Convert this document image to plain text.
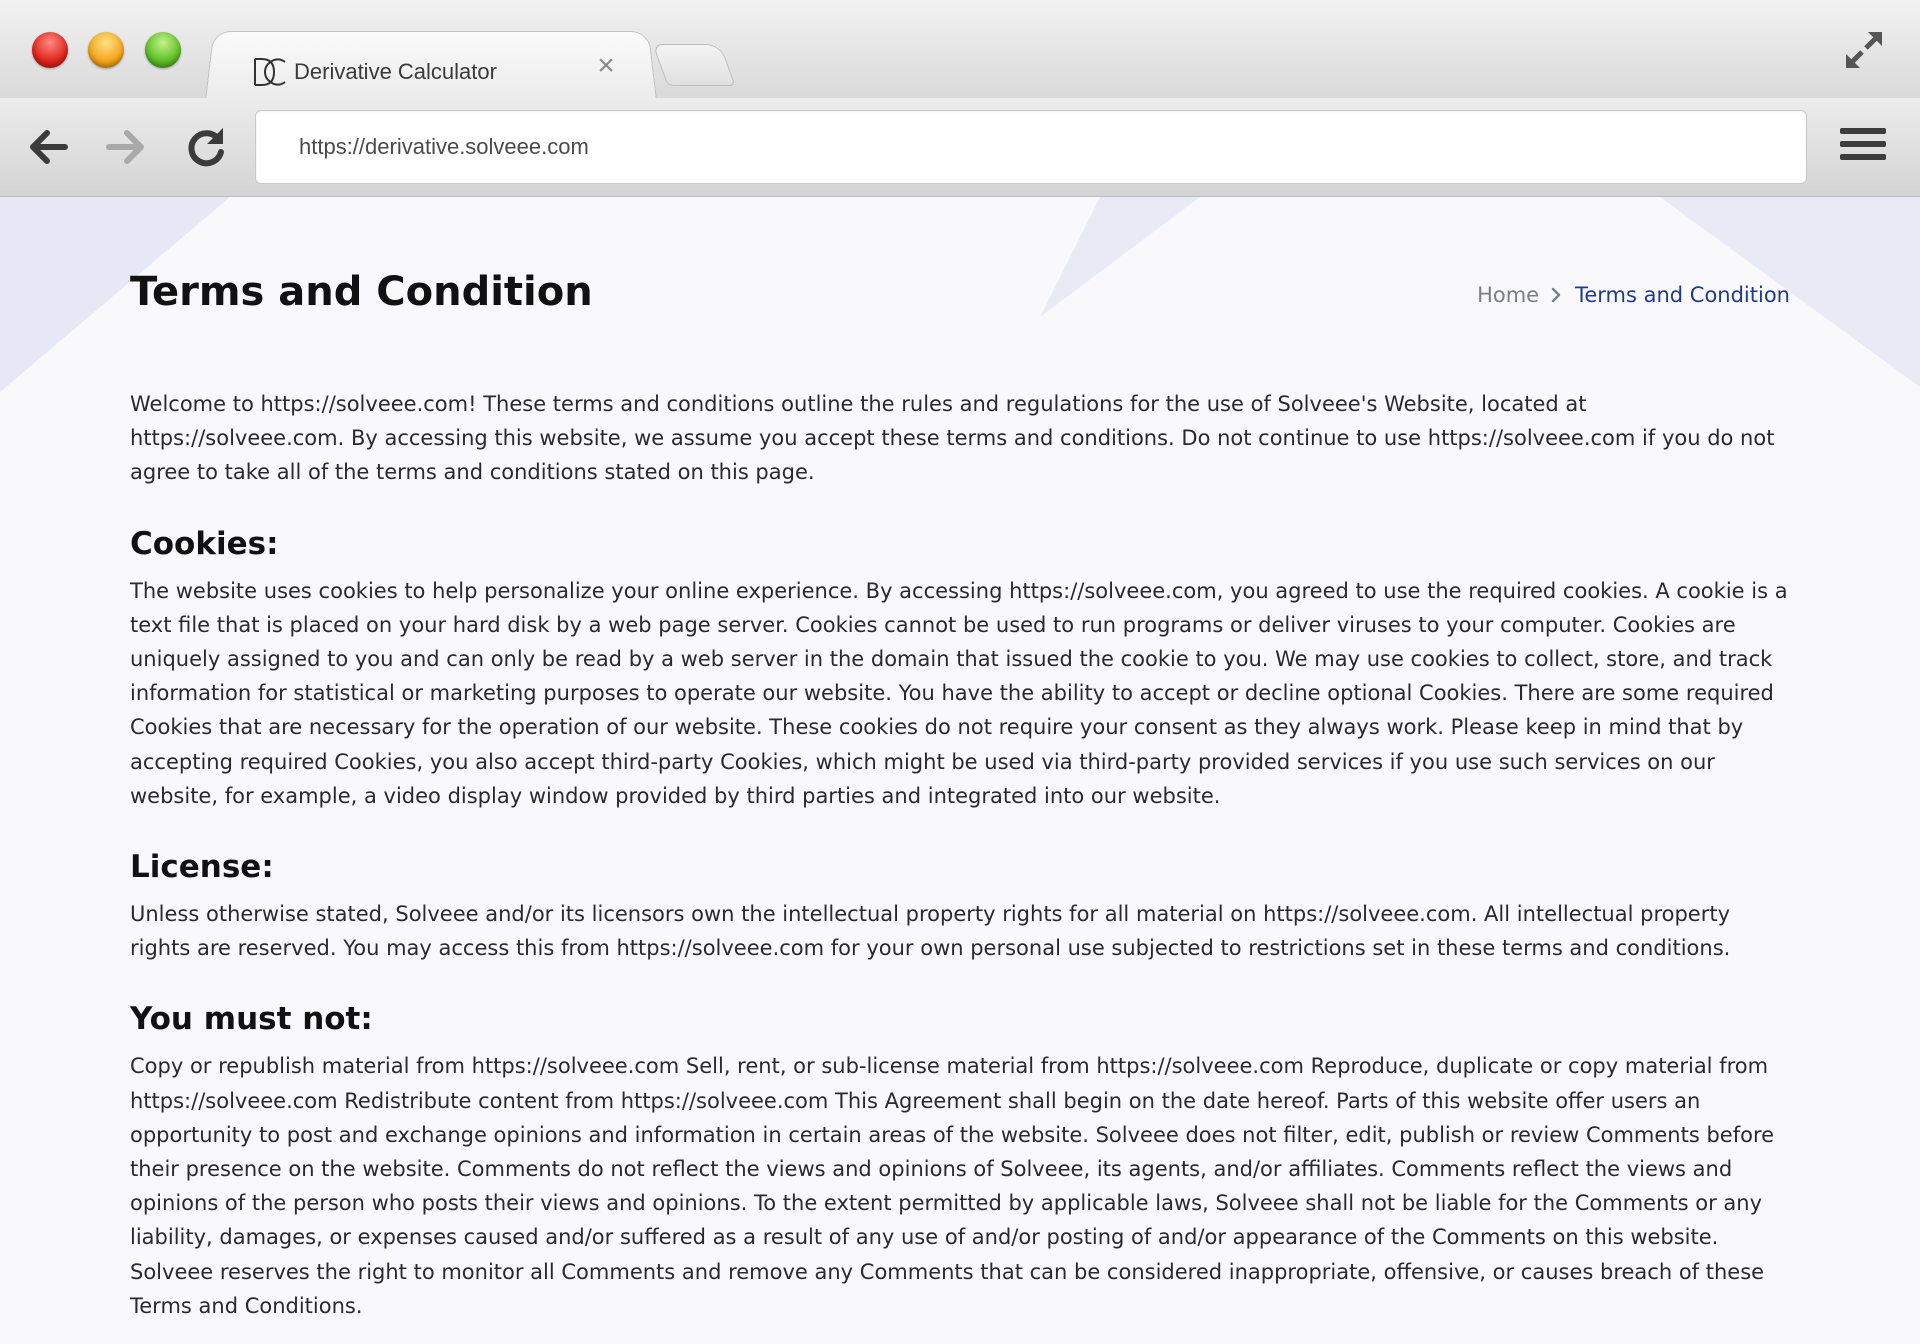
Derivative Calculator	×
https://derivative.solveee.com
Terms and Condition	Home Terms and Condition

Welcome to https://solveee.com! These terms and conditions outline the rules and regulations for the use of Solveee's Website, located at https://solveee.com. By accessing this website, we assume you accept these terms and conditions. Do not continue to use https://solveee.com if you do not agree to take all of the terms and conditions stated on this page.

Cookies:

The website uses cookies to help personalize your online experience. By accessing https://solveee.com, you agreed to use the required cookies. A cookie is a text file that is placed on your hard disk by a web page server. Cookies cannot be used to run programs or deliver viruses to your computer. Cookies are uniquely assigned to you and can only be read by a web server in the domain that issued the cookie to you. We may use cookies to collect, store, and track information for statistical or marketing purposes to operate our website. You have the ability to accept or decline optional Cookies. There are some required Cookies that are necessary for the operation of our website. These cookies do not require your consent as they always work. Please keep in mind that by accepting required Cookies, you also accept third-party Cookies, which might be used via third-party provided services if you use such services on our website, for example, a video display window provided by third parties and integrated into our website.

License:

Unless otherwise stated, Solveee and/or its licensors own the intellectual property rights for all material on https://solveee.com. All intellectual property rights are reserved. You may access this from https://solveee.com for your own personal use subjected to restrictions set in these terms and conditions.

You must not:

Copy or republish material from https://solveee.com Sell, rent, or sub-license material from https://solveee.com Reproduce, duplicate or copy material from https://solveee.com Redistribute content from https://solveee.com This Agreement shall begin on the date hereof. Parts of this website offer users an opportunity to post and exchange opinions and information in certain areas of the website. Solveee does not filter, edit, publish or review Comments before their presence on the website. Comments do not reflect the views and opinions of Solveee, its agents, and/or affiliates. Comments reflect the views and opinions of the person who posts their views and opinions. To the extent permitted by applicable laws, Solveee shall not be liable for the Comments or any liability, damages, or expenses caused and/or suffered as a result of any use of and/or posting of and/or appearance of the Comments on this website. Solveee reserves the right to monitor all Comments and remove any Comments that can be considered inappropriate, offensive, or causes breach of these Terms and Conditions.
